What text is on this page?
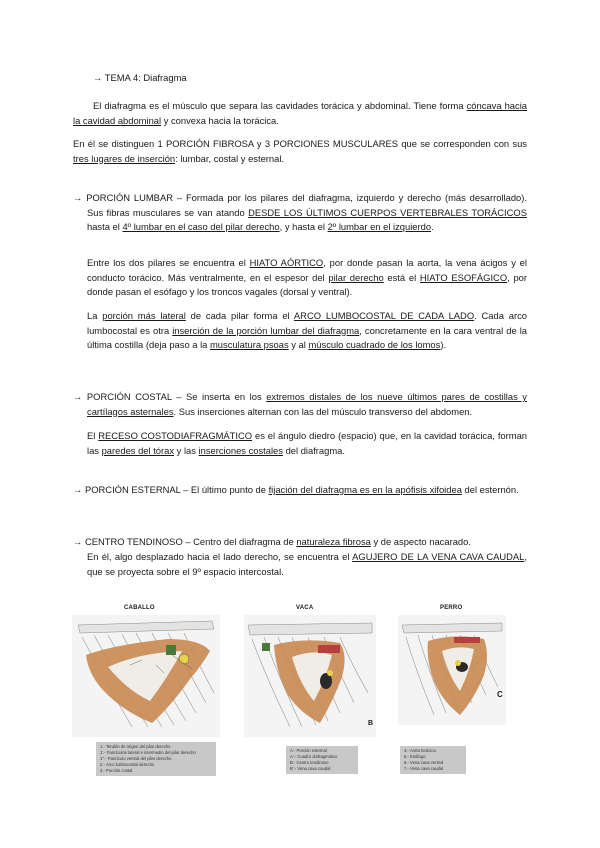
→ TEMA 4: Diafragma
El diafragma es el músculo que separa las cavidades torácica y abdominal. Tiene forma cóncava hacia la cavidad abdominal y convexa hacia la torácica.
En él se distinguen 1 PORCIÓN FIBROSA y 3 PORCIONES MUSCULARES que se corresponden con sus tres lugares de inserción: lumbar, costal y esternal.
→ PORCIÓN LUMBAR – Formada por los pilares del diafragma, izquierdo y derecho (más desarrollado). Sus fibras musculares se van atando DESDE LOS ÚLTIMOS CUERPOS VERTEBRALES TORÁCICOS hasta el 4º lumbar en el caso del pilar derecho, y hasta el 2º lumbar en el izquierdo.
Entre los dos pilares se encuentra el HIATO AÓRTICO, por donde pasan la aorta, la vena ácigos y el conducto torácico. Más ventralmente, en el espesor del pilar derecho está el HIATO ESOFÁGICO, por donde pasan el esófago y los troncos vagales (dorsal y ventral).
La porción más lateral de cada pilar forma el ARCO LUMBOCOSTAL DE CADA LADO. Cada arco lumbocostal es otra inserción de la porción lumbar del diafragma, concretamente en la cara ventral de la última costilla (deja paso a la musculatura psoas y al músculo cuadrado de los lomos).
→ PORCIÓN COSTAL – Se inserta en los extremos distales de los nueve últimos pares de costillas y cartílagos asternales. Sus inserciones alternan con las del músculo transverso del abdomen.
El RECESO COSTODIAFRAGMÁTICO es el ángulo diedro (espacio) que, en la cavidad torácica, forman las paredes del tórax y las inserciones costales del diafragma.
→ PORCIÓN ESTERNAL – El último punto de fijación del diafragma es en la apófisis xifoidea del esternón.
→ CENTRO TENDINOSO – Centro del diafragma de naturaleza fibrosa y de aspecto nacarado.
En él, algo desplazado hacia el lado derecho, se encuentra el AGUJERO DE LA VENA CAVA CAUDAL, que se proyecta sobre el 9º espacio intercostal.
CABALLO	VACA	PERRO
B
C
1.- Tendón de origen del pilar derecho
1'.- Fascículos lateral e intermedio del pilar derecho
1''.- Fascículo ventral del pilar derecho
2.- Arco lumbocostal derecho
3.- Porción costal
A.- Porción esternal
A'.- Cuadro diafragmático
B.- Centro tendinoso
B'.- Vena cava caudal
4.- Aorta torácica
5.- Esófago
6.- Vena cava ventral
7.- Vena cava caudal
